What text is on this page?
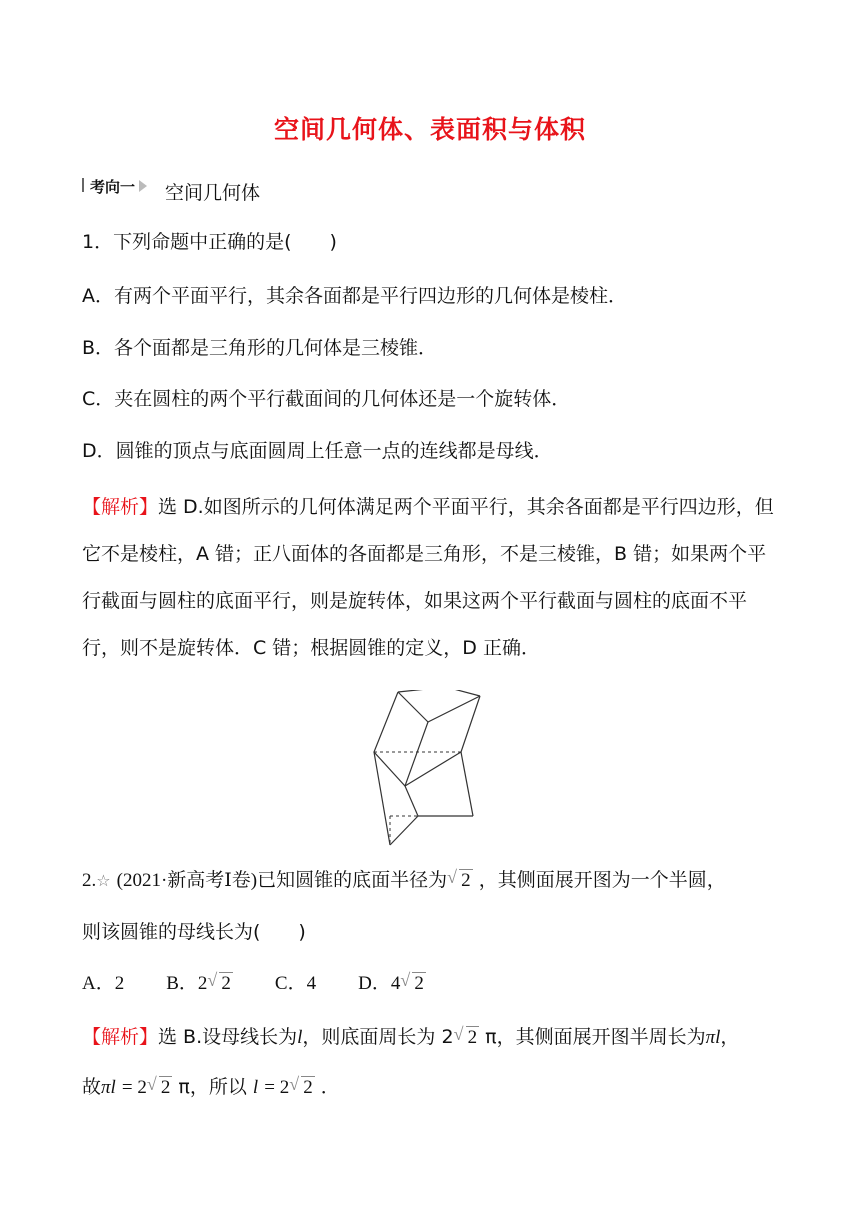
空间几何体、表面积与体积
考向一 空间几何体
1．下列命题中正确的是(　　)
A．有两个平面平行，其余各面都是平行四边形的几何体是棱柱．
B．各个面都是三角形的几何体是三棱锥．
C．夹在圆柱的两个平行截面间的几何体还是一个旋转体．
D．圆锥的顶点与底面圆周上任意一点的连线都是母线．
【解析】选 D.如图所示的几何体满足两个平面平行，其余各面都是平行四边形，但它不是棱柱，A 错；正八面体的各面都是三角形，不是三棱锥，B 错；如果两个平行截面与圆柱的底面平行，则是旋转体，如果这两个平行截面与圆柱的底面不平行，则不是旋转体．C 错；根据圆锥的定义，D 正确．
2.☆ (2021·新高考Ⅰ卷)已知圆锥的底面半径为 √ 2 ，其侧面展开图为一个半圆，
则该圆锥的母线长为(　　)
A．2 B．2 √ 2 C．4 D．4 √ 2
【解析】选 B.设母线长为l，则底面周长为 2 √ 2 π，其侧面展开图半周长为πl，
故πl = 2 √ 2 π，所以 l = 2 √ 2 ．
